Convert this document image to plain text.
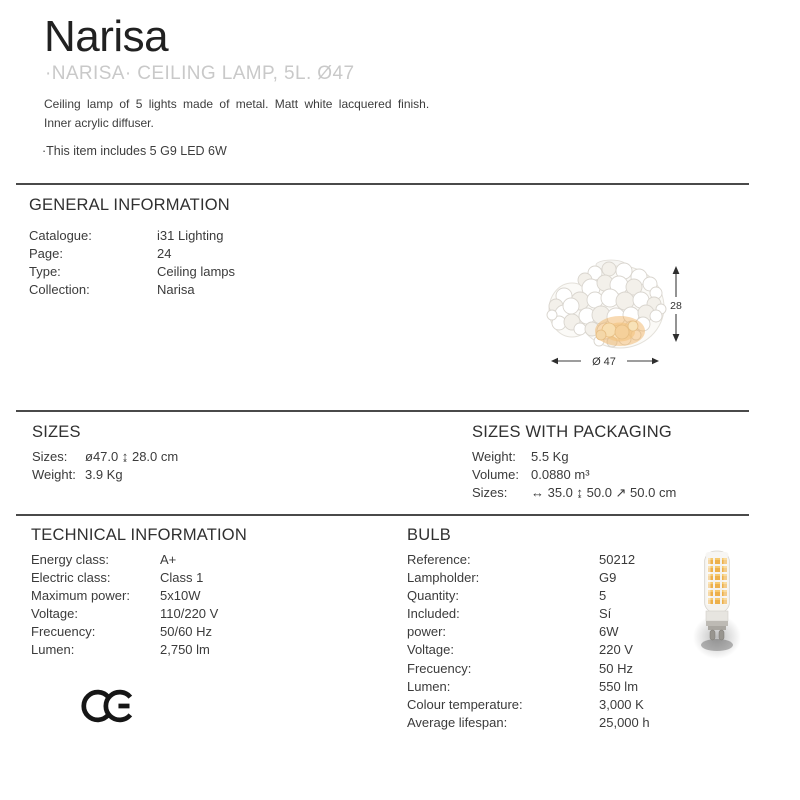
Narisa
·NARISA· CEILING LAMP, 5L. Ø47
Ceiling lamp of 5 lights made of metal. Matt white lacquered finish.
Inner acrylic diffuser.
·This item includes 5 G9 LED 6W
GENERAL INFORMATION
Catalogue:	i31 Lighting
Page:	24
Type:	Ceiling lamps
Collection:	Narisa
28
Ø 47
SIZES
Sizes:	ø47.0 ↨ 28.0 cm
Weight: 3.9 Kg
SIZES WITH PACKAGING
Weight:	5.5 Kg
Volume: 0.0880 m³
Sizes:	↔ 35.0 ↨ 50.0 ↗ 50.0 cm
TECHNICAL INFORMATION
Energy class:	A+
Electric class:	Class 1
Maximum power:	5x10W
Voltage:	110/220 V
Frecuency:	50/60 Hz
Lumen:	2,750 lm
BULB
Reference:	50212
Lampholder:	G9
Quantity:	5
Included:	Sí
power:	6W
Voltage:	220 V
Frecuency:	50 Hz
Lumen:	550 lm
Colour temperature:	3,000 K
Average lifespan:	25,000 h
